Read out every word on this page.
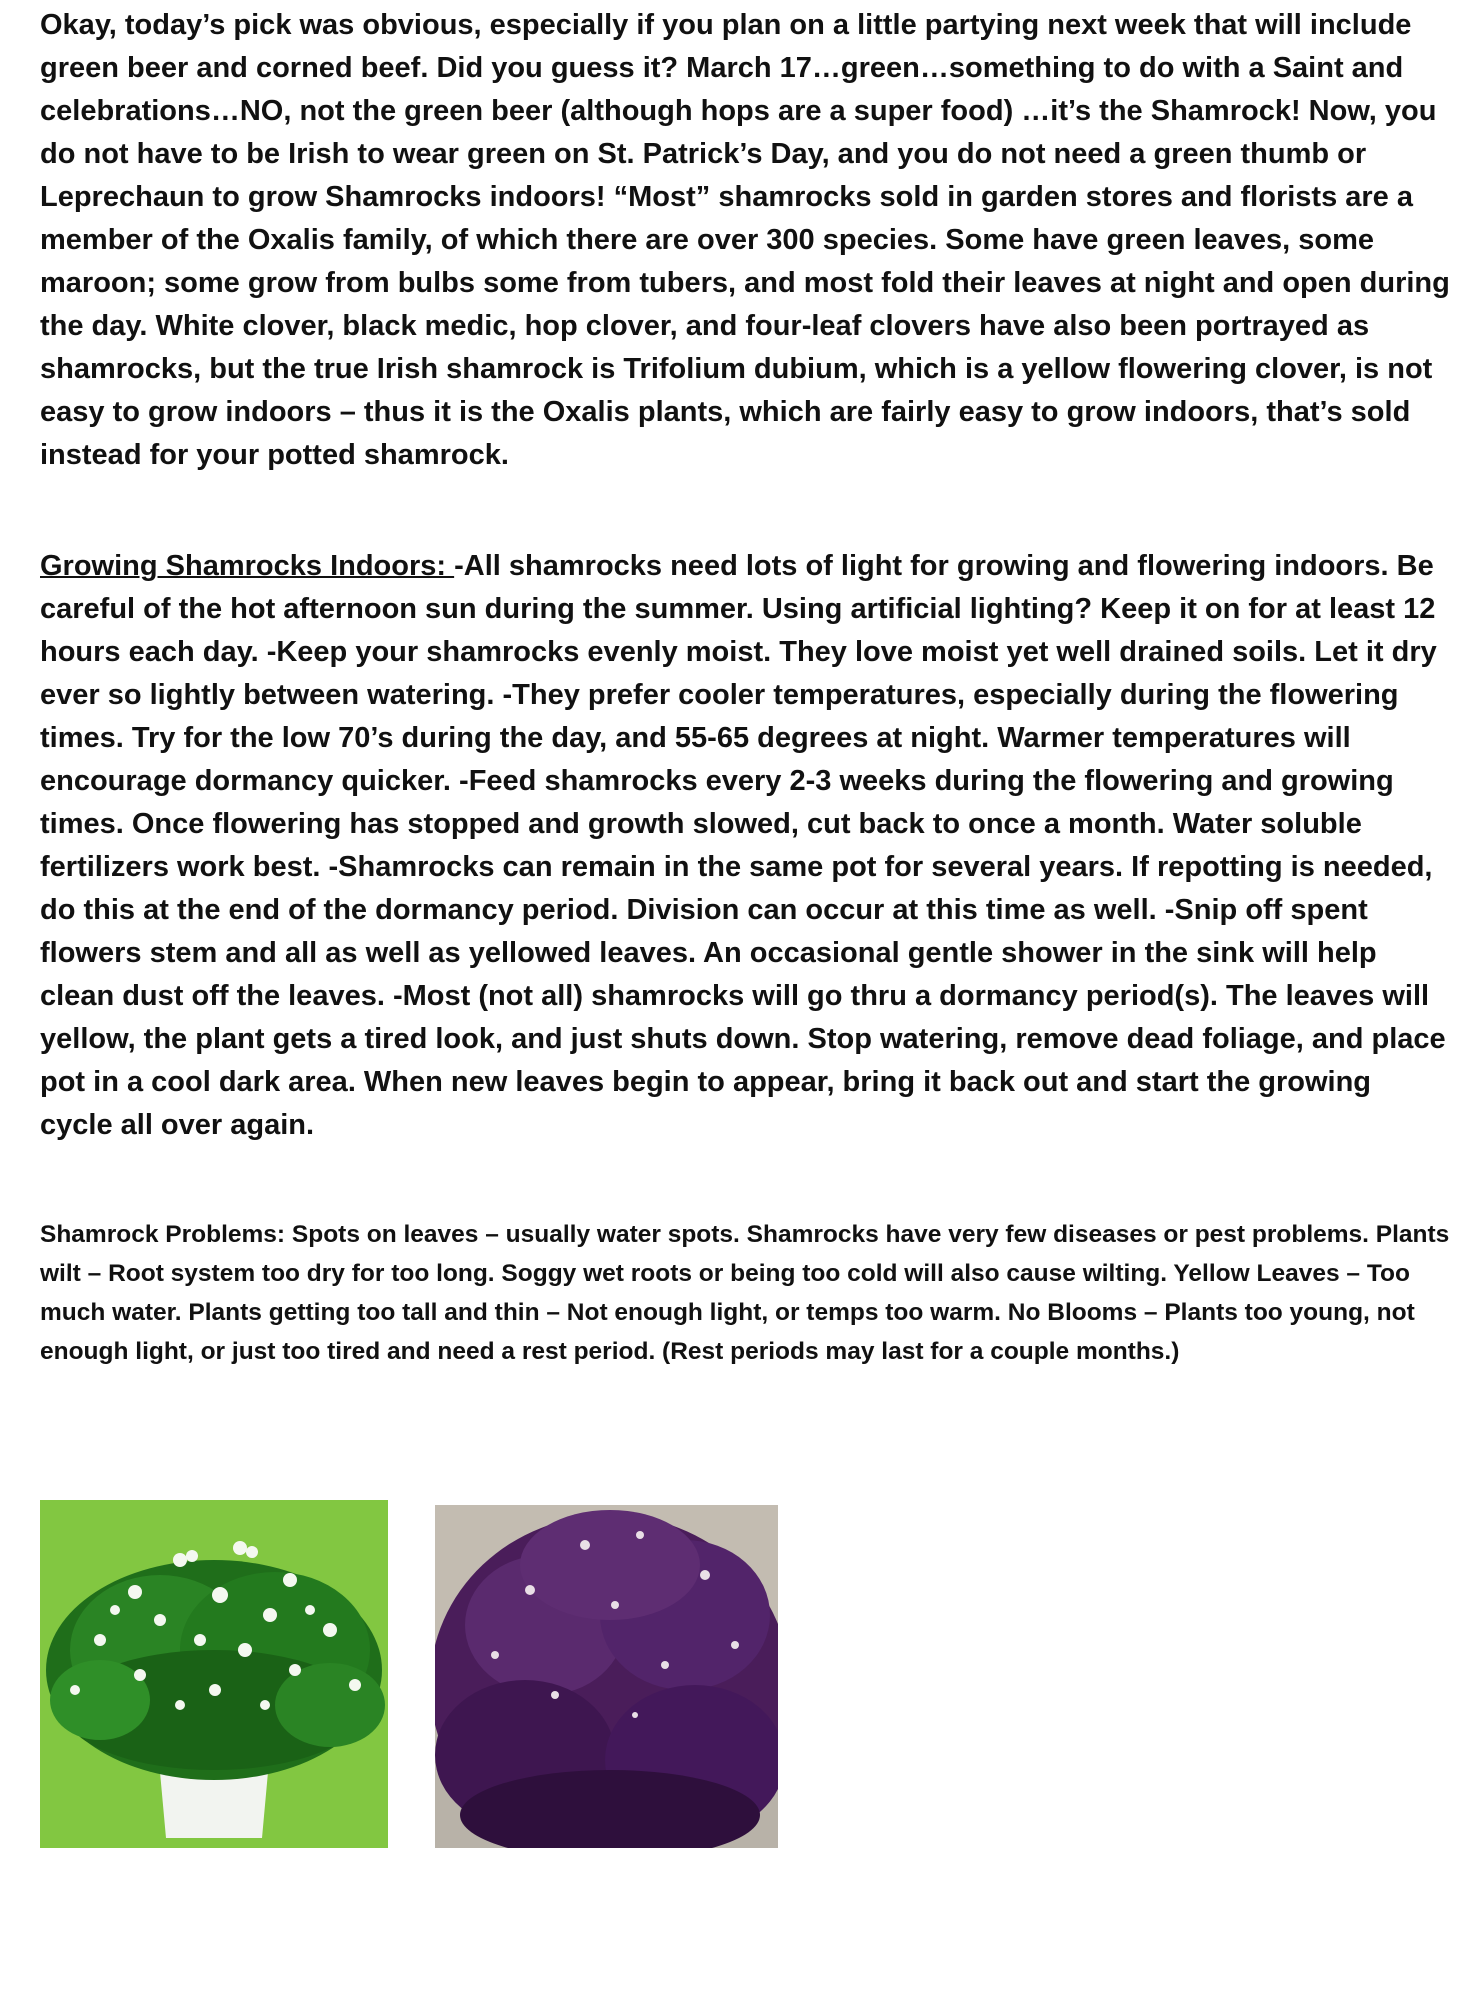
Okay, today’s pick was obvious, especially if you plan on a little partying next week that will include green beer and corned beef. Did you guess it? March 17…green…something to do with a Saint and celebrations…NO, not the green beer (although hops are a super food) …it’s the Shamrock! Now, you do not have to be Irish to wear green on St. Patrick’s Day, and you do not need a green thumb or Leprechaun to grow Shamrocks indoors! “Most” shamrocks sold in garden stores and florists are a member of the Oxalis family, of which there are over 300 species. Some have green leaves, some maroon; some grow from bulbs some from tubers, and most fold their leaves at night and open during the day. White clover, black medic, hop clover, and four-leaf clovers have also been portrayed as shamrocks, but the true Irish shamrock is Trifolium dubium, which is a yellow flowering clover, is not easy to grow indoors – thus it is the Oxalis plants, which are fairly easy to grow indoors, that’s sold instead for your potted shamrock.

Growing Shamrocks Indoors: -All shamrocks need lots of light for growing and flowering indoors. Be careful of the hot afternoon sun during the summer. Using artificial lighting? Keep it on for at least 12 hours each day. -Keep your shamrocks evenly moist. They love moist yet well drained soils. Let it dry ever so lightly between watering. -They prefer cooler temperatures, especially during the flowering times. Try for the low 70’s during the day, and 55-65 degrees at night. Warmer temperatures will encourage dormancy quicker. -Feed shamrocks every 2-3 weeks during the flowering and growing times. Once flowering has stopped and growth slowed, cut back to once a month. Water soluble fertilizers work best. -Shamrocks can remain in the same pot for several years. If repotting is needed, do this at the end of the dormancy period. Division can occur at this time as well. -Snip off spent flowers stem and all as well as yellowed leaves. An occasional gentle shower in the sink will help clean dust off the leaves. -Most (not all) shamrocks will go thru a dormancy period(s). The leaves will yellow, the plant gets a tired look, and just shuts down. Stop watering, remove dead foliage, and place pot in a cool dark area. When new leaves begin to appear, bring it back out and start the growing cycle all over again.

Shamrock Problems: Spots on leaves – usually water spots. Shamrocks have very few diseases or pest problems. Plants wilt – Root system too dry for too long. Soggy wet roots or being too cold will also cause wilting. Yellow Leaves – Too much water. Plants getting too tall and thin – Not enough light, or temps too warm. No Blooms – Plants too young, not enough light, or just too tired and need a rest period. (Rest periods may last for a couple months.)
